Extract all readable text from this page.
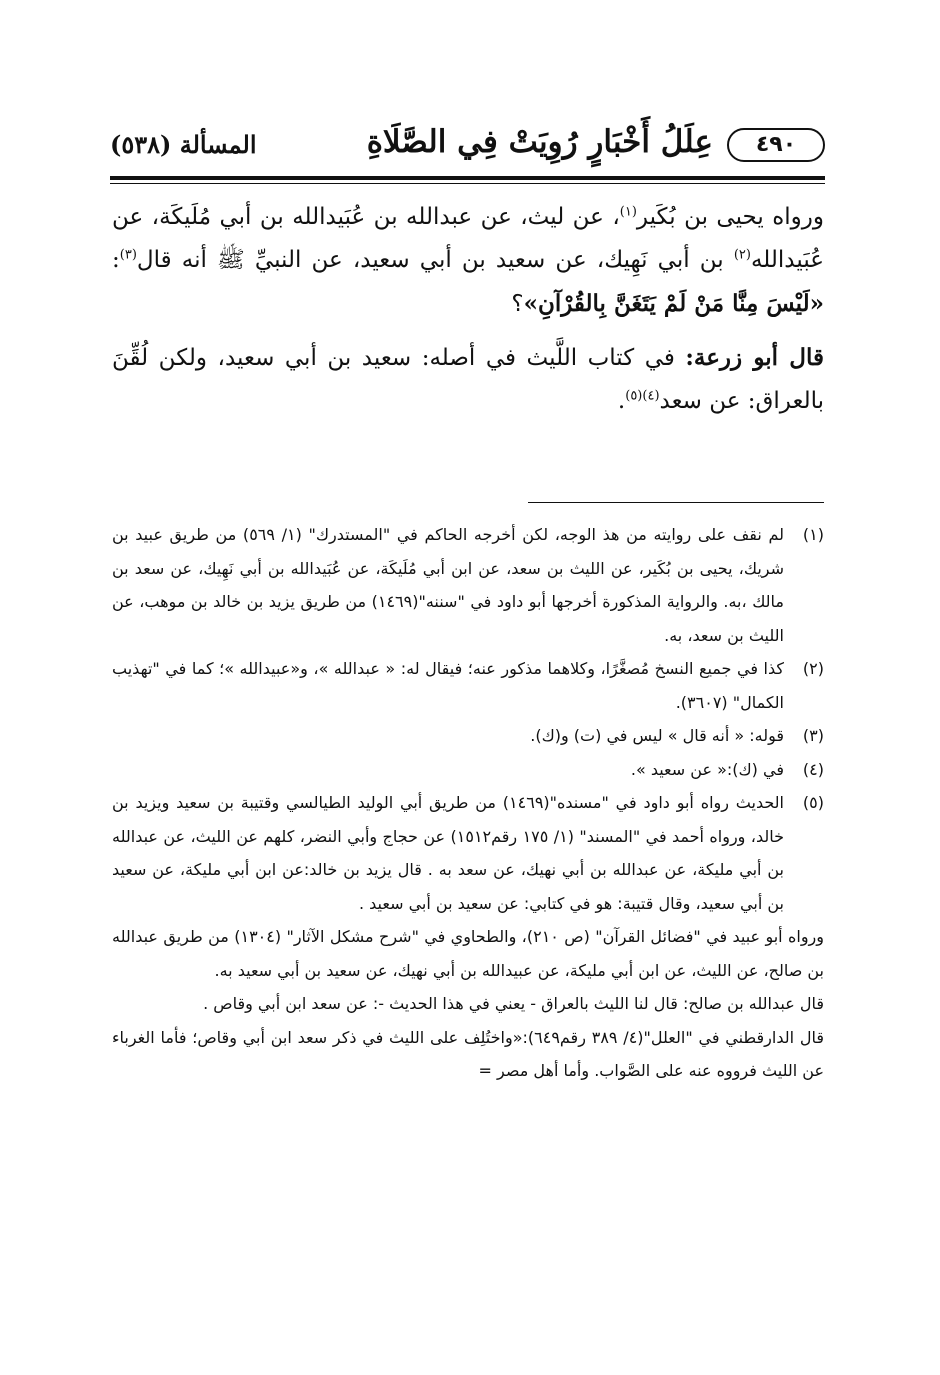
٤٩٠
عِلَلُ أَخْبَارٍ رُوِيَتْ فِي الصَّلَاةِ
المسألة (٥٣٨)

ورواه يحيى بن بُكَير$^{(١)}$، عن ليث، عن عبدالله بن عُبَيدالله بن أبي مُلَيكَة، عن عُبَيدالله$^{(٢)}$ بن أبي نَهِيك، عن سعيد بن أبي سعيد، عن النبيِّ ﷺ أنه قال$^{(٣)}$: «لَيْسَ مِنَّا مَنْ لَمْ يَتَغَنَّ بِالقُرْآنِ»؟

قال أبو زرعة: في كتاب اللَّيث في أصله: سعيد بن أبي سعيد، ولكن لُقِّنَ بالعراق: عن سعد$^{(٤)(٥)}$.

(١)
لم نقف على روايته من هذ الوجه، لكن أخرجه الحاكم في "المستدرك" (١/ ٥٦٩) من طريق عبيد بن شريك، يحيى بن بُكَير، عن الليث بن سعد، عن ابن أبي مُلَيكَة، عن عُبَيدالله بن أبي نَهِيك، عن سعد بن مالك ،به. والرواية المذكورة أخرجها أبو داود في "سننه"(١٤٦٩) من طريق يزيد بن خالد بن موهب، عن الليث بن سعد، به.
(٢)
كذا في جميع النسخ مُصغَّرًا، وكلاهما مذكور عنه؛ فيقال له: « عبدالله »، و«عبيدالله »؛ كما في "تهذيب الكمال" (٣٦٠٧).
(٣)
قوله: « أنه قال » ليس في (ت) و(ك).
(٤)
في (ك):« عن سعيد ».
(٥)
الحديث رواه أبو داود في "مسنده"(١٤٦٩) من طريق أبي الوليد الطيالسي وقتيبة بن سعيد ويزيد بن خالد، ورواه أحمد في "المسند" (١/ ١٧٥ رقم١٥١٢) عن حجاج وأبي النضر، كلهم عن الليث، عن عبدالله بن أبي مليكة، عن عبدالله بن أبي نهيك، عن سعد به . قال يزيد بن خالد:عن ابن أبي مليكة، عن سعيد بن أبي سعيد، وقال قتيبة: هو في كتابي: عن سعيد بن أبي سعيد .
ورواه أبو عبيد في "فضائل القرآن" (ص ٢١٠)، والطحاوي في "شرح مشكل الآثار" (١٣٠٤) من طريق عبدالله بن صالح، عن الليث، عن ابن أبي مليكة، عن عبيدالله بن أبي نهيك، عن سعيد بن أبي سعيد به.
قال عبدالله بن صالح: قال لنا الليث بالعراق - يعني في هذا الحديث -: عن سعد ابن أبي وقاص .
قال الدارقطني في "العلل"(٤/ ٣٨٩ رقم٦٤٩):«واختُلِف على الليث في ذكر سعد ابن أبي وقاص؛ فأما الغرباء عن الليث فرووه عنه على الصَّواب. وأما أهل مصر =
